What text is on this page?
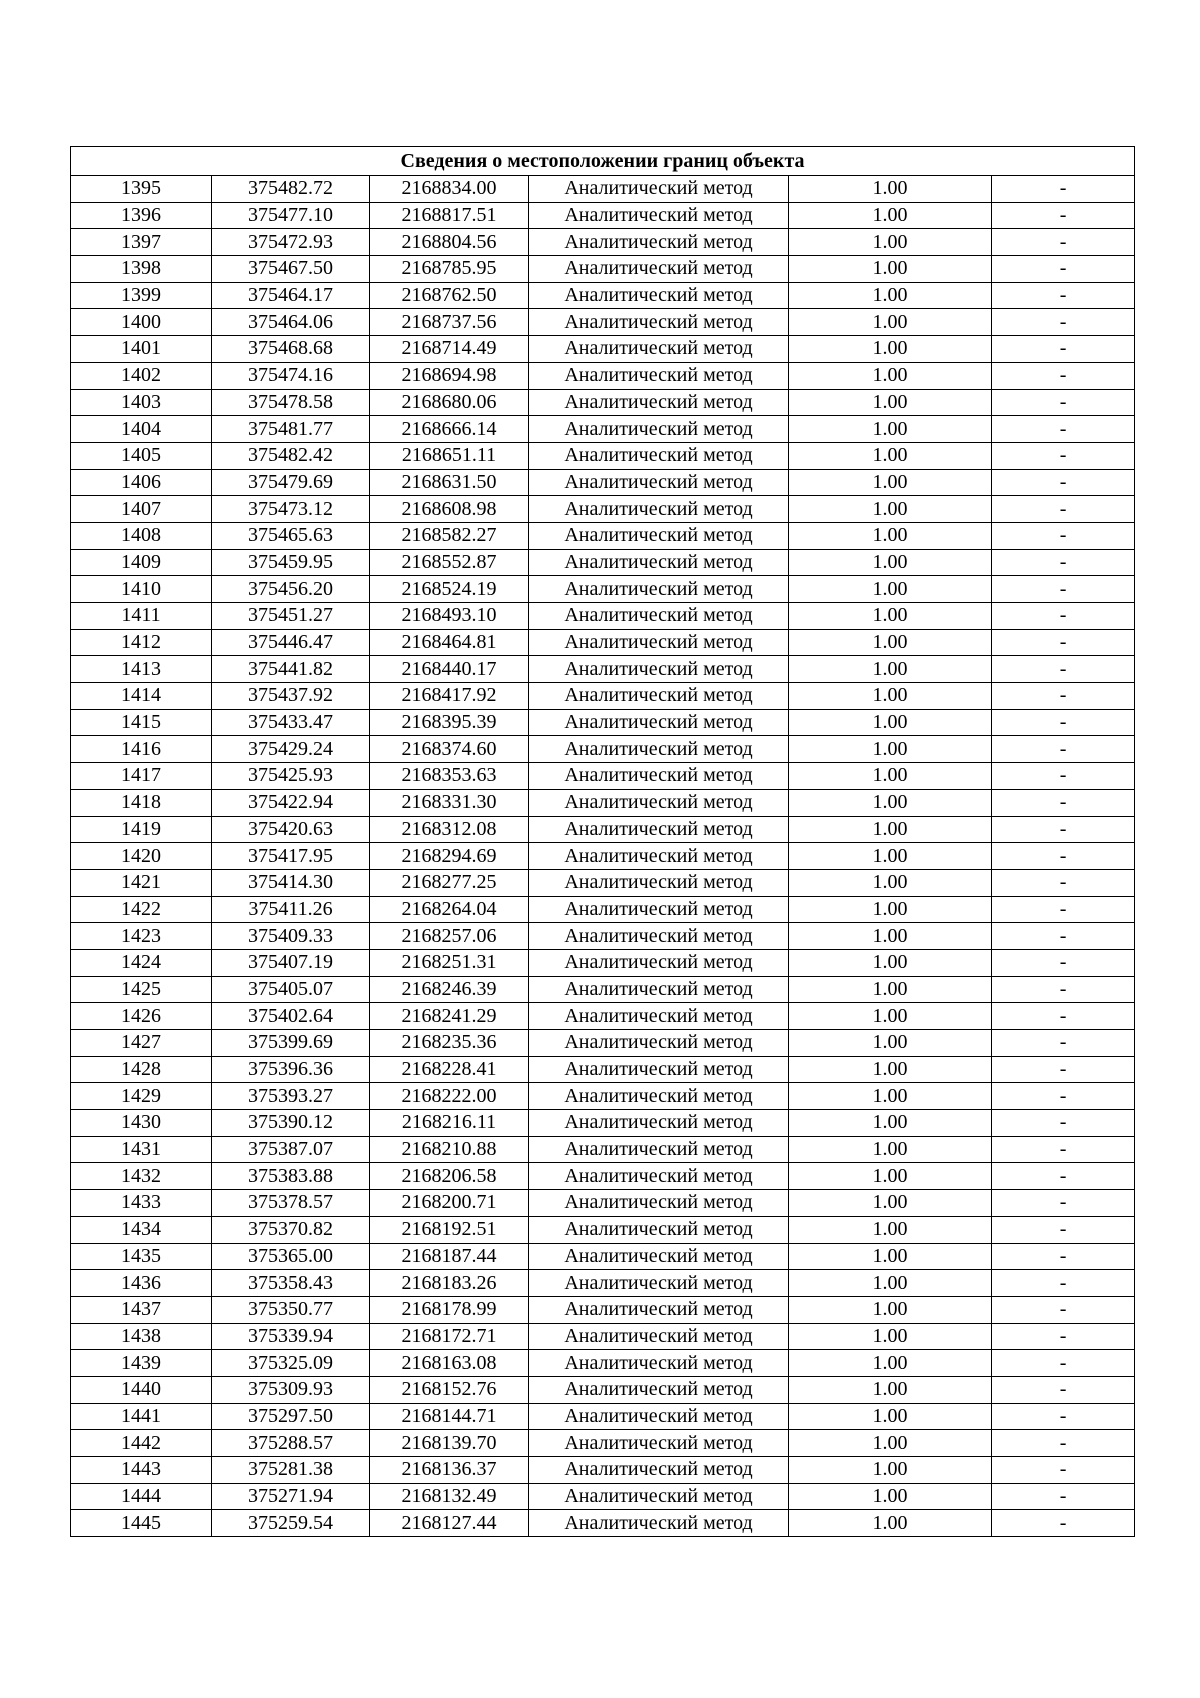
Сведения о местоположении границ объекта					
1395	375482.72	2168834.00	Аналитический метод	1.00	-
1396	375477.10	2168817.51	Аналитический метод	1.00	-
1397	375472.93	2168804.56	Аналитический метод	1.00	-
1398	375467.50	2168785.95	Аналитический метод	1.00	-
1399	375464.17	2168762.50	Аналитический метод	1.00	-
1400	375464.06	2168737.56	Аналитический метод	1.00	-
1401	375468.68	2168714.49	Аналитический метод	1.00	-
1402	375474.16	2168694.98	Аналитический метод	1.00	-
1403	375478.58	2168680.06	Аналитический метод	1.00	-
1404	375481.77	2168666.14	Аналитический метод	1.00	-
1405	375482.42	2168651.11	Аналитический метод	1.00	-
1406	375479.69	2168631.50	Аналитический метод	1.00	-
1407	375473.12	2168608.98	Аналитический метод	1.00	-
1408	375465.63	2168582.27	Аналитический метод	1.00	-
1409	375459.95	2168552.87	Аналитический метод	1.00	-
1410	375456.20	2168524.19	Аналитический метод	1.00	-
1411	375451.27	2168493.10	Аналитический метод	1.00	-
1412	375446.47	2168464.81	Аналитический метод	1.00	-
1413	375441.82	2168440.17	Аналитический метод	1.00	-
1414	375437.92	2168417.92	Аналитический метод	1.00	-
1415	375433.47	2168395.39	Аналитический метод	1.00	-
1416	375429.24	2168374.60	Аналитический метод	1.00	-
1417	375425.93	2168353.63	Аналитический метод	1.00	-
1418	375422.94	2168331.30	Аналитический метод	1.00	-
1419	375420.63	2168312.08	Аналитический метод	1.00	-
1420	375417.95	2168294.69	Аналитический метод	1.00	-
1421	375414.30	2168277.25	Аналитический метод	1.00	-
1422	375411.26	2168264.04	Аналитический метод	1.00	-
1423	375409.33	2168257.06	Аналитический метод	1.00	-
1424	375407.19	2168251.31	Аналитический метод	1.00	-
1425	375405.07	2168246.39	Аналитический метод	1.00	-
1426	375402.64	2168241.29	Аналитический метод	1.00	-
1427	375399.69	2168235.36	Аналитический метод	1.00	-
1428	375396.36	2168228.41	Аналитический метод	1.00	-
1429	375393.27	2168222.00	Аналитический метод	1.00	-
1430	375390.12	2168216.11	Аналитический метод	1.00	-
1431	375387.07	2168210.88	Аналитический метод	1.00	-
1432	375383.88	2168206.58	Аналитический метод	1.00	-
1433	375378.57	2168200.71	Аналитический метод	1.00	-
1434	375370.82	2168192.51	Аналитический метод	1.00	-
1435	375365.00	2168187.44	Аналитический метод	1.00	-
1436	375358.43	2168183.26	Аналитический метод	1.00	-
1437	375350.77	2168178.99	Аналитический метод	1.00	-
1438	375339.94	2168172.71	Аналитический метод	1.00	-
1439	375325.09	2168163.08	Аналитический метод	1.00	-
1440	375309.93	2168152.76	Аналитический метод	1.00	-
1441	375297.50	2168144.71	Аналитический метод	1.00	-
1442	375288.57	2168139.70	Аналитический метод	1.00	-
1443	375281.38	2168136.37	Аналитический метод	1.00	-
1444	375271.94	2168132.49	Аналитический метод	1.00	-
1445	375259.54	2168127.44	Аналитический метод	1.00	-
